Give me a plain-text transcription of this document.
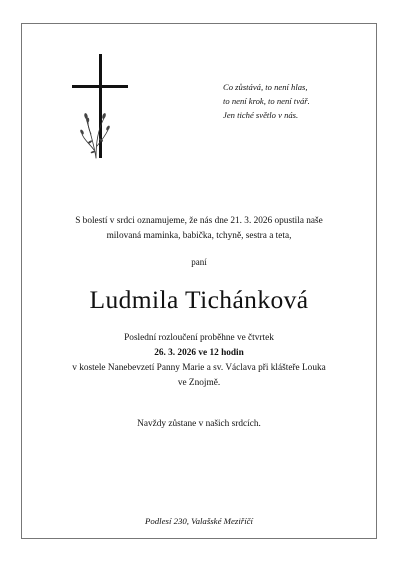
Co zůstává, to není hlas,
to není krok, to není tvář.
Jen tiché světlo v nás.
S bolestí v srdci oznamujeme, že nás dne 21. 3. 2026 opustila naše
milovaná maminka, babička, tchyně, sestra a teta,
paní
Ludmila Tichánková
Poslední rozloučení proběhne ve čtvrtek
26. 3. 2026 ve 12 hodin
v kostele Nanebevzetí Panny Marie a sv. Václava při klášteře Louka
ve Znojmě.
Navždy zůstane v našich srdcích.
Podlesí 230, Valašské Meziříčí
